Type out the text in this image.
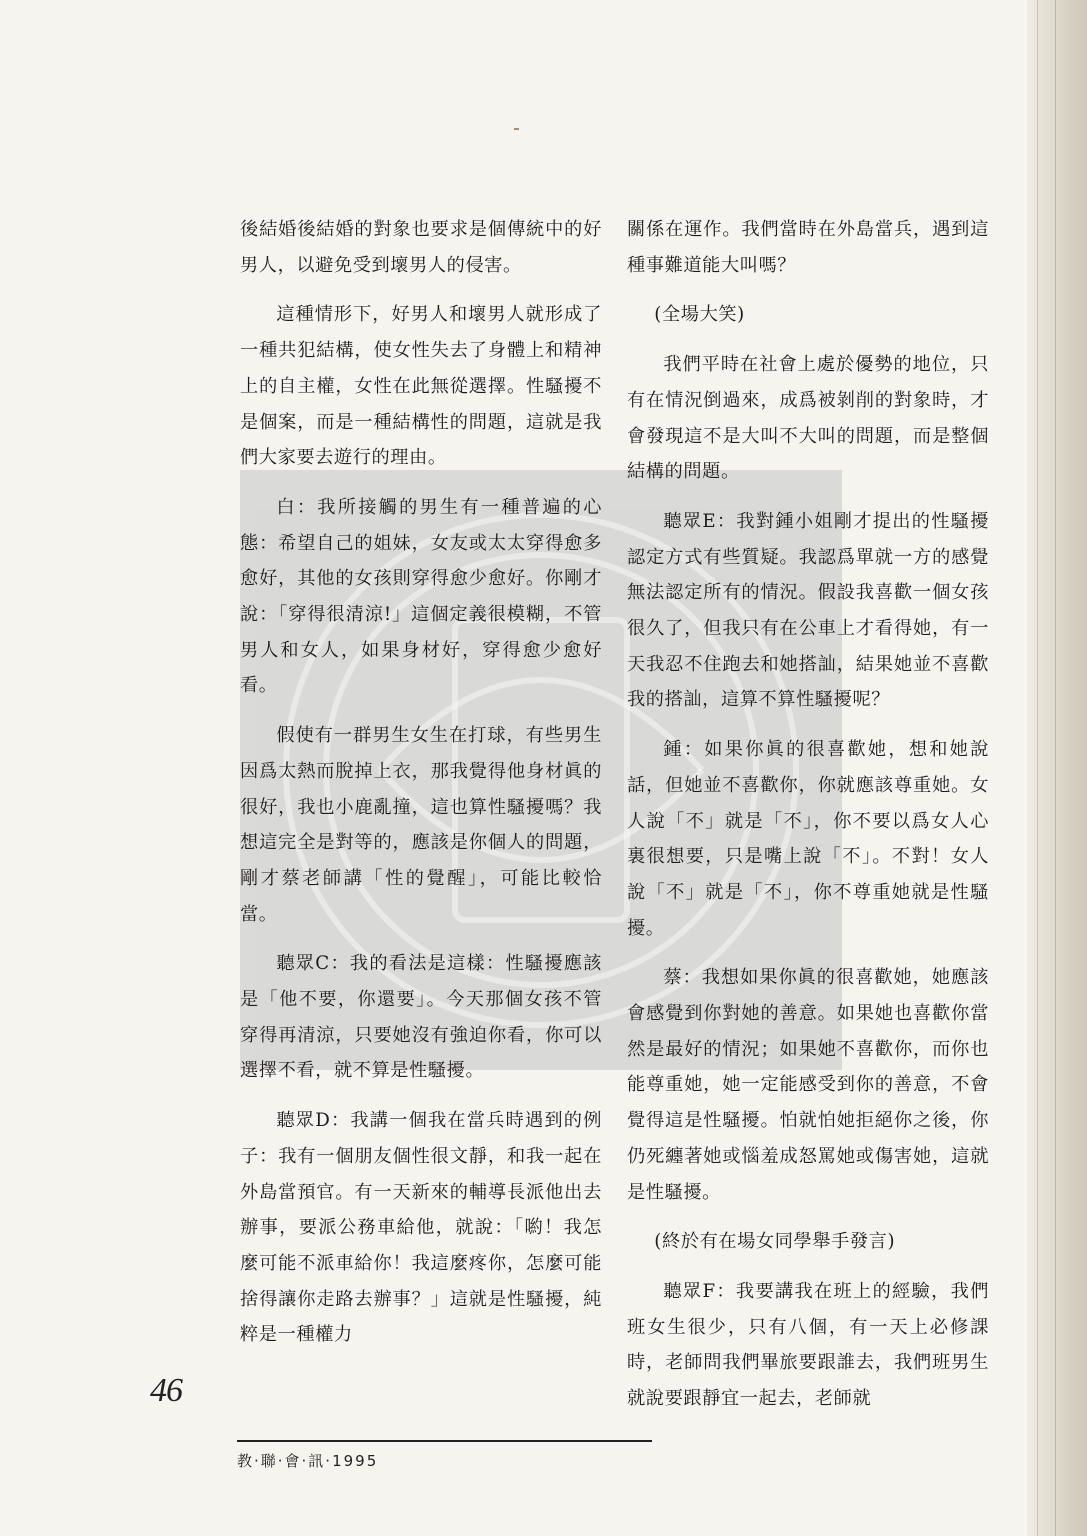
後結婚後結婚的對象也要求是個傳統中的好男人，以避免受到壞男人的侵害。

這種情形下，好男人和壞男人就形成了一種共犯結構，使女性失去了身體上和精神上的自主權，女性在此無從選擇。性騷擾不是個案，而是一種結構性的問題，這就是我們大家要去遊行的理由。

白：我所接觸的男生有一種普遍的心態：希望自己的姐妹，女友或太太穿得愈多愈好，其他的女孩則穿得愈少愈好。你剛才說：「穿得很清涼!」這個定義很模糊，不管男人和女人，如果身材好，穿得愈少愈好看。

假使有一群男生女生在打球，有些男生因爲太熱而脫掉上衣，那我覺得他身材眞的很好，我也小鹿亂撞，這也算性騷擾嗎？我想這完全是對等的，應該是你個人的問題，剛才蔡老師講「性的覺醒」，可能比較恰當。

聽眾C：我的看法是這樣：性騷擾應該是「他不要，你還要」。今天那個女孩不管穿得再清涼，只要她沒有強迫你看，你可以選擇不看，就不算是性騷擾。

聽眾D：我講一個我在當兵時遇到的例子：我有一個朋友個性很文靜，和我一起在外島當預官。有一天新來的輔導長派他出去辦事，要派公務車給他，就說：「喲！我怎麼可能不派車給你！我這麼疼你，怎麼可能捨得讓你走路去辦事？」這就是性騷擾，純粹是一種權力

關係在運作。我們當時在外島當兵，遇到這種事難道能大叫嗎？

(全場大笑)

我們平時在社會上處於優勢的地位，只有在情況倒過來，成爲被剝削的對象時，才會發現這不是大叫不大叫的問題，而是整個結構的問題。

聽眾E：我對鍾小姐剛才提出的性騷擾認定方式有些質疑。我認爲單就一方的感覺無法認定所有的情況。假設我喜歡一個女孩很久了，但我只有在公車上才看得她，有一天我忍不住跑去和她搭訕，結果她並不喜歡我的搭訕，這算不算性騷擾呢？

鍾：如果你眞的很喜歡她，想和她說話，但她並不喜歡你，你就應該尊重她。女人說「不」就是「不」，你不要以爲女人心裏很想要，只是嘴上說「不」。不對！女人說「不」就是「不」，你不尊重她就是性騷擾。

蔡：我想如果你眞的很喜歡她，她應該會感覺到你對她的善意。如果她也喜歡你當然是最好的情況；如果她不喜歡你，而你也能尊重她，她一定能感受到你的善意，不會覺得這是性騷擾。怕就怕她拒絕你之後，你仍死纏著她或惱羞成怒罵她或傷害她，這就是性騷擾。

(終於有在場女同學舉手發言)

聽眾F：我要講我在班上的經驗，我們班女生很少，只有八個，有一天上必修課時，老師問我們畢旅要跟誰去，我們班男生就說要跟靜宜一起去，老師就

46
教·聯·會·訊·1995
